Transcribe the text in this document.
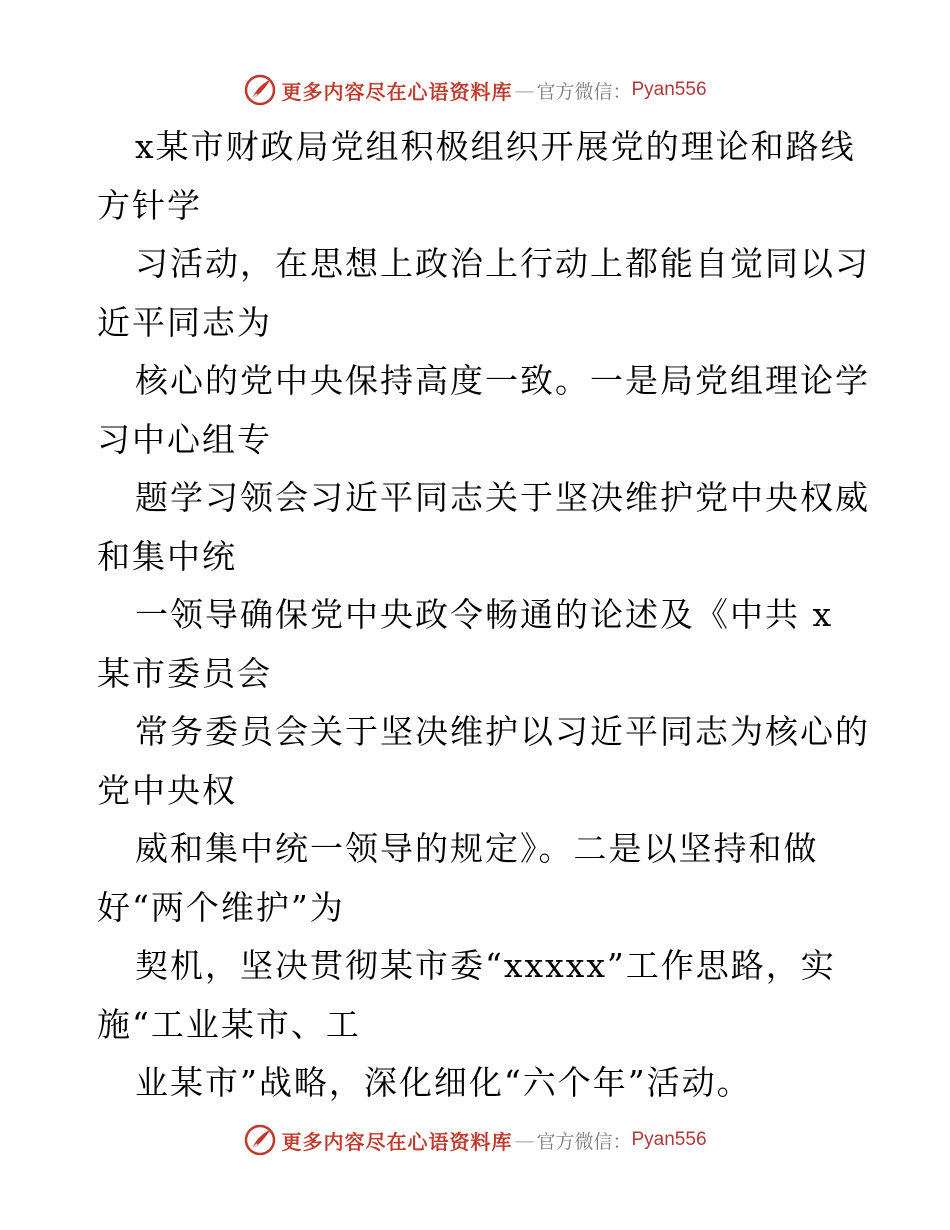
更多内容尽在心语资料库 — 官方微信： Pyan556
x某市财政局党组积极组织开展党的理论和路线
方针学
习活动，在思想上政治上行动上都能自觉同以习
近平同志为
核心的党中央保持高度一致。一是局党组理论学
习中心组专
题学习领会习近平同志关于坚决维护党中央权威
和集中统
一领导确保党中央政令畅通的论述及《中共 x
某市委员会
常务委员会关于坚决维护以习近平同志为核心的
党中央权
威和集中统一领导的规定》。二是以坚持和做
好“两个维护”为
契机，坚决贯彻某市委“xxxxx”工作思路，实
施“工业某市、工
业某市”战略，深化细化“六个年”活动。
更多内容尽在心语资料库 — 官方微信： Pyan556
